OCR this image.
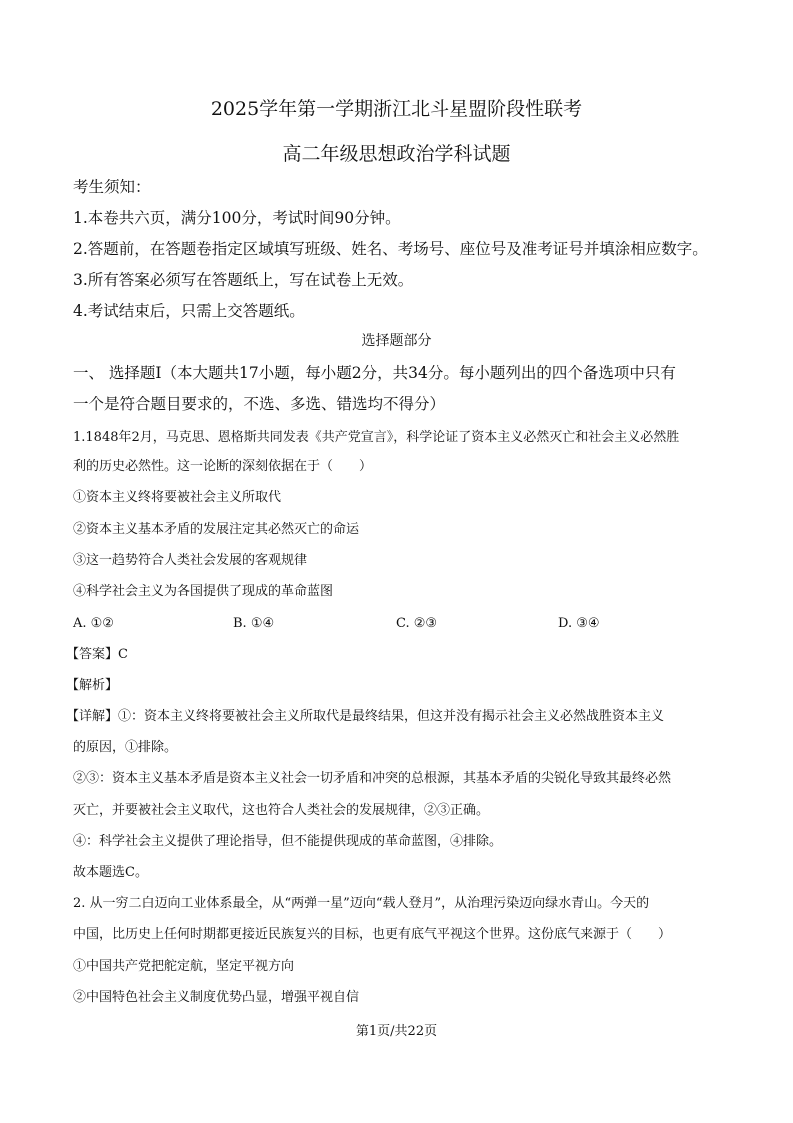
2025学年第一学期浙江北斗星盟阶段性联考
高二年级思想政治学科试题
考生须知：
1.本卷共六页，满分100分，考试时间90分钟。
2.答题前，在答题卷指定区域填写班级、姓名、考场号、座位号及准考证号并填涂相应数字。
3.所有答案必须写在答题纸上，写在试卷上无效。
4.考试结束后，只需上交答题纸。
选择题部分
一、 选择题Ⅰ（本大题共17小题，每小题2分，共34分。每小题列出的四个备选项中只有
一个是符合题目要求的，不选、多选、错选均不得分）
1.1848年2月，马克思、恩格斯共同发表《共产党宣言》，科学论证了资本主义必然灭亡和社会主义必然胜
利的历史必然性。这一论断的深刻依据在于（　　）
①资本主义终将要被社会主义所取代
②资本主义基本矛盾的发展注定其必然灭亡的命运
③这一趋势符合人类社会发展的客观规律
④科学社会主义为各国提供了现成的革命蓝图
A. ①②	B. ①④	C. ②③	D. ③④
【答案】C
【解析】
【详解】①：资本主义终将要被社会主义所取代是最终结果，但这并没有揭示社会主义必然战胜资本主义
的原因，①排除。
②③：资本主义基本矛盾是资本主义社会一切矛盾和冲突的总根源，其基本矛盾的尖锐化导致其最终必然
灭亡，并要被社会主义取代，这也符合人类社会的发展规律，②③正确。
④：科学社会主义提供了理论指导，但不能提供现成的革命蓝图，④排除。
故本题选C。
2. 从一穷二白迈向工业体系最全，从“两弹一星”迈向“载人登月”，从治理污染迈向绿水青山。今天的
中国，比历史上任何时期都更接近民族复兴的目标，也更有底气平视这个世界。这份底气来源于（　　）
①中国共产党把舵定航，坚定平视方向
②中国特色社会主义制度优势凸显，增强平视自信
第1页/共22页
